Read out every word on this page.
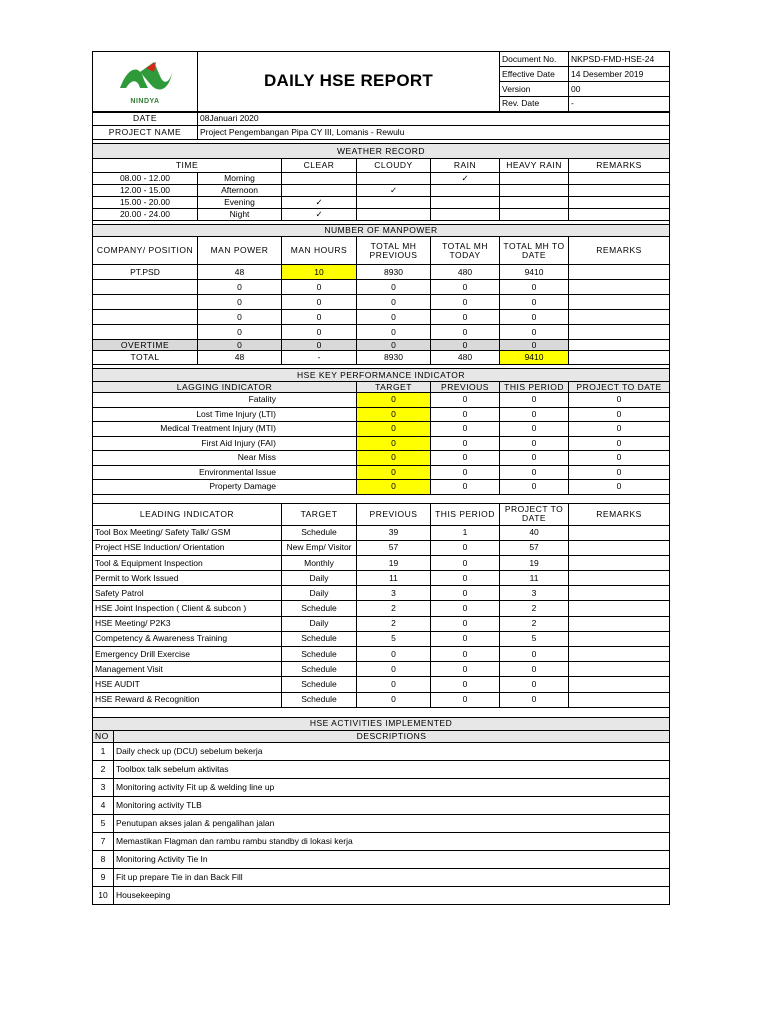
NINDYA		DAILY HSE REPORT				Document No.	NKPSD-FMD-HSE-24
						Effective Date	14 Desember 2019
						Version	00
						Rev. Date	-
DATE		08Januari 2020					
PROJECT NAME		Project Pengembangan Pipa CY III, Lomanis - Rewulu					

WEATHER RECORD							
TIME			CLEAR	CLOUDY	RAIN	HEAVY RAIN	REMARKS
08.00 - 12.00		Morning			✓		
12.00 - 15.00		Afternoon		✓			
15.00 - 20.00		Evening	✓				
20.00 - 24.00		Night	✓				

NUMBER OF MANPOWER							
COMPANY/ POSITION		MAN POWER	MAN HOURS	TOTAL MH PREVIOUS	TOTAL MH TODAY	TOTAL MH TO DATE	REMARKS
PT.PSD		48	10	8930	480	9410	
		0	0	0	0	0	
		0	0	0	0	0	
		0	0	0	0	0	
		0	0	0	0	0	
OVERTIME		0	0	0	0	0	
TOTAL		48	-	8930	480	9410	

HSE KEY PERFORMANCE INDICATOR							
LAGGING INDICATOR				TARGET	PREVIOUS	THIS PERIOD	PROJECT TO DATE
Fatality				0	0	0	0
Lost Time Injury (LTI)				0	0	0	0
Medical Treatment Injury (MTI)				0	0	0	0
First Aid Injury (FAI)				0	0	0	0
Near Miss				0	0	0	0
Environmental Issue				0	0	0	0
Property Damage				0	0	0	0

LEADING INDICATOR			TARGET	PREVIOUS	THIS PERIOD	PROJECT TO DATE	REMARKS
Tool Box Meeting/ Safety Talk/ GSM			Schedule	39	1	40	
Project HSE Induction/ Orientation			New Emp/ Visitor	57	0	57	
Tool & Equipment Inspection			Monthly	19	0	19	
Permit to Work Issued			Daily	11	0	11	
Safety Patrol			Daily	3	0	3	
HSE Joint Inspection ( Client & subcon )			Schedule	2	0	2	
HSE Meeting/ P2K3			Daily	2	0	2	
Competency & Awareness Training			Schedule	5	0	5	
Emergency Drill Exercise			Schedule	0	0	0	
Management Visit			Schedule	0	0	0	
HSE AUDIT			Schedule	0	0	0	
HSE Reward & Recognition			Schedule	0	0	0	

HSE ACTIVITIES IMPLEMENTED							
NO	DESCRIPTIONS						
1	Daily check up (DCU) sebelum bekerja						
2	Toolbox talk sebelum aktivitas						
3	Monitoring activity Fit up & welding line up						
4	Monitoring activity TLB						
5	Penutupan akses jalan & pengalihan jalan						
7	Memastikan Flagman dan rambu rambu standby di lokasi kerja						
8	Monitoring Activity Tie In						
9	Fit up prepare Tie in dan Back Fill						
10	Housekeeping						
